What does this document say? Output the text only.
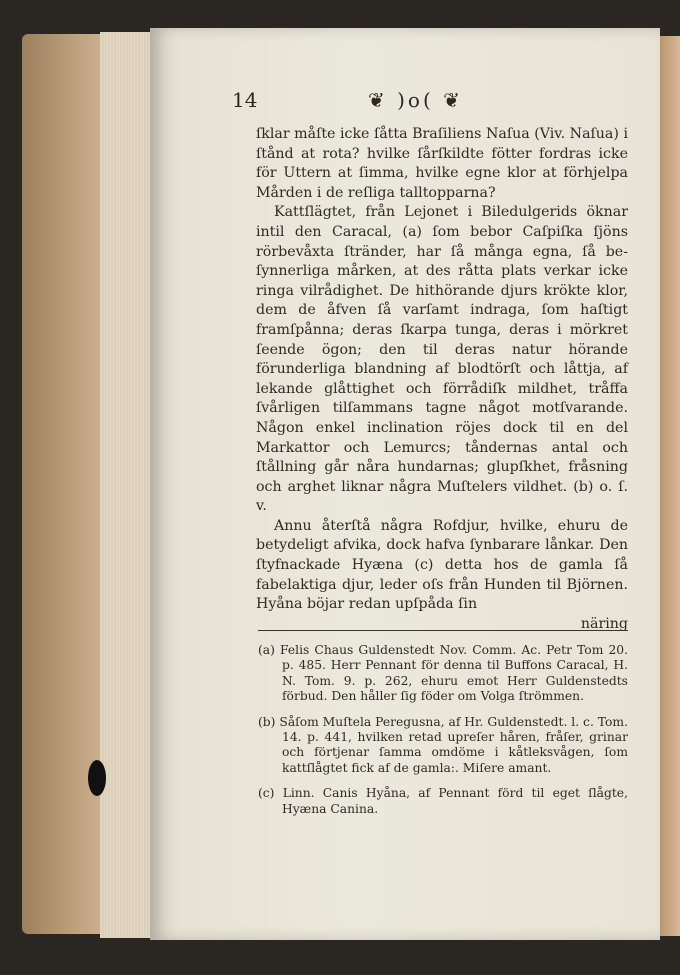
14	❦ )o( ❦

ſklar måſte icke ſåtta Braſiliens Naſua (Viv. Naſua) i ſtånd at rota? hvilke ſårſkildte fötter fordras icke för Uttern at ſimma, hvilke egne klor at förhjelpa Mården i de reſliga talltopparna?

Kattſlägtet, från Lejonet i Biledulgerids öknar intil den Caracal, (a) ſom bebor Caſpiſka ſjöns rörbevåxta ſtränder, har ſå många egna, ſå be-ſynnerliga mårken, at des råtta plats verkar icke ringa vilrådighet. De hithörande djurs krökte klor, dem de åfven ſå varſamt indraga, ſom haſtigt framſpånna; deras ſkarpa tunga, deras i mörkret ſeende ögon; den til deras natur hörande förunderliga blandning af blodtörſt och låttja, af lekande glåttighet och förrådiſk mildhet, tråffa ſvårligen tilſammans tagne något motſvarande. Någon enkel inclination röjes dock til en del Markattor och Lemurcs; tåndernas antal och ſtållning går nåra hundarnas; glupſkhet, fråsning och arghet liknar några Muſtelers vildhet. (b) o. ſ. v.

Annu återſtå några Rofdjur, hvilke, ehuru de betydeligt afvika, dock hafva ſynbarare lånkar. Den ſtyfnackade Hyæna (c) detta hos de gamla ſå fabelaktiga djur, leder oſs från Hunden til Björnen. Hyåna böjar redan upſpåda ſin

näring

(a) Felis Chaus Guldenstedt Nov. Comm. Ac. Petr Tom 20. p. 485. Herr Pennant för denna til Buffons Caracal, H. N. Tom. 9. p. 262, ehuru emot Herr Guldenstedts förbud. Den håller ſig föder om Volga ſtrömmen.

(b) Såſom Muſtela Peregusna, af Hr. Guldenstedt. l. c. Tom. 14. p. 441, hvilken retad upreſer håren, fråſer, grinar och förtjenar ſamma omdöme i kåtleksvågen, ſom kattſlågtet fick af de gamla:. Miſere amant.

(c) Linn. Canis Hyåna, af Pennant förd til eget ſlågte, Hyæna Canina.
